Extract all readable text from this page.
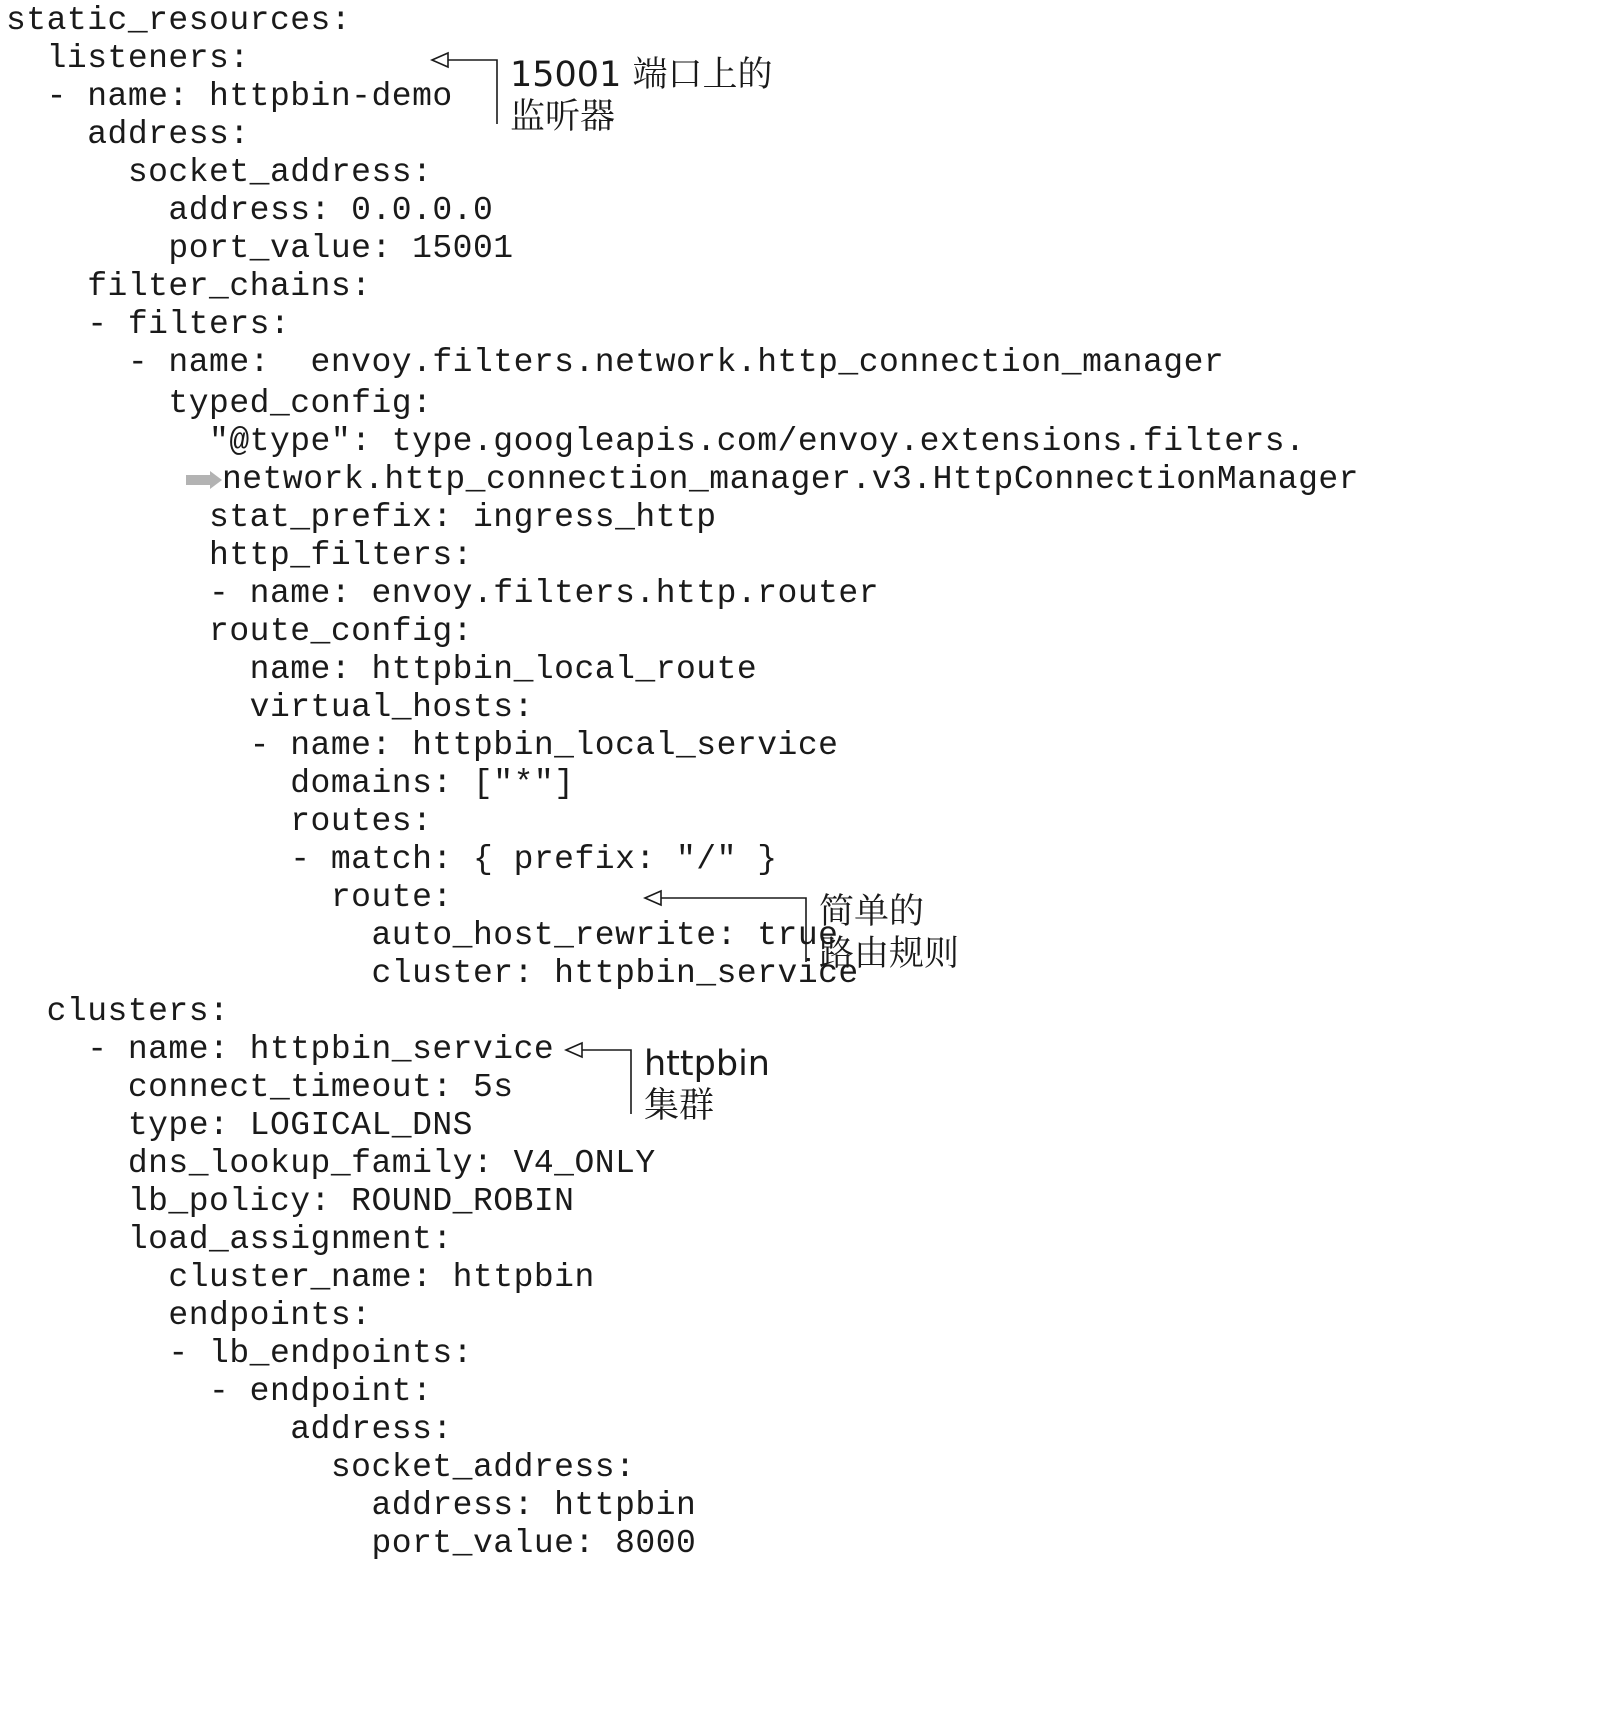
static_resources:
listeners:
- name: httpbin-demo
address:
socket_address:
address: 0.0.0.0
port_value: 15001
filter_chains:
- filters:
- name:  envoy.filters.network.http_connection_manager
typed_config:
"@type": type.googleapis.com/envoy.extensions.filters.

network.http_connection_manager.v3.HttpConnectionManager

stat_prefix: ingress_http
http_filters:
- name: envoy.filters.http.router
route_config:
name: httpbin_local_route
virtual_hosts:
- name: httpbin_local_service
domains: ["*"]
routes:
- match: { prefix: "/" }
route:
auto_host_rewrite: true
cluster: httpbin_service
clusters:
- name: httpbin_service
connect_timeout: 5s
type: LOGICAL_DNS
dns_lookup_family: V4_ONLY
lb_policy: ROUND_ROBIN
load_assignment:
cluster_name: httpbin
endpoints:
- lb_endpoints:
- endpoint:
address:
socket_address:
address: httpbin
port_value: 8000
15001 端口上的
监听器
简单的
路由规则
httpbin
集群
